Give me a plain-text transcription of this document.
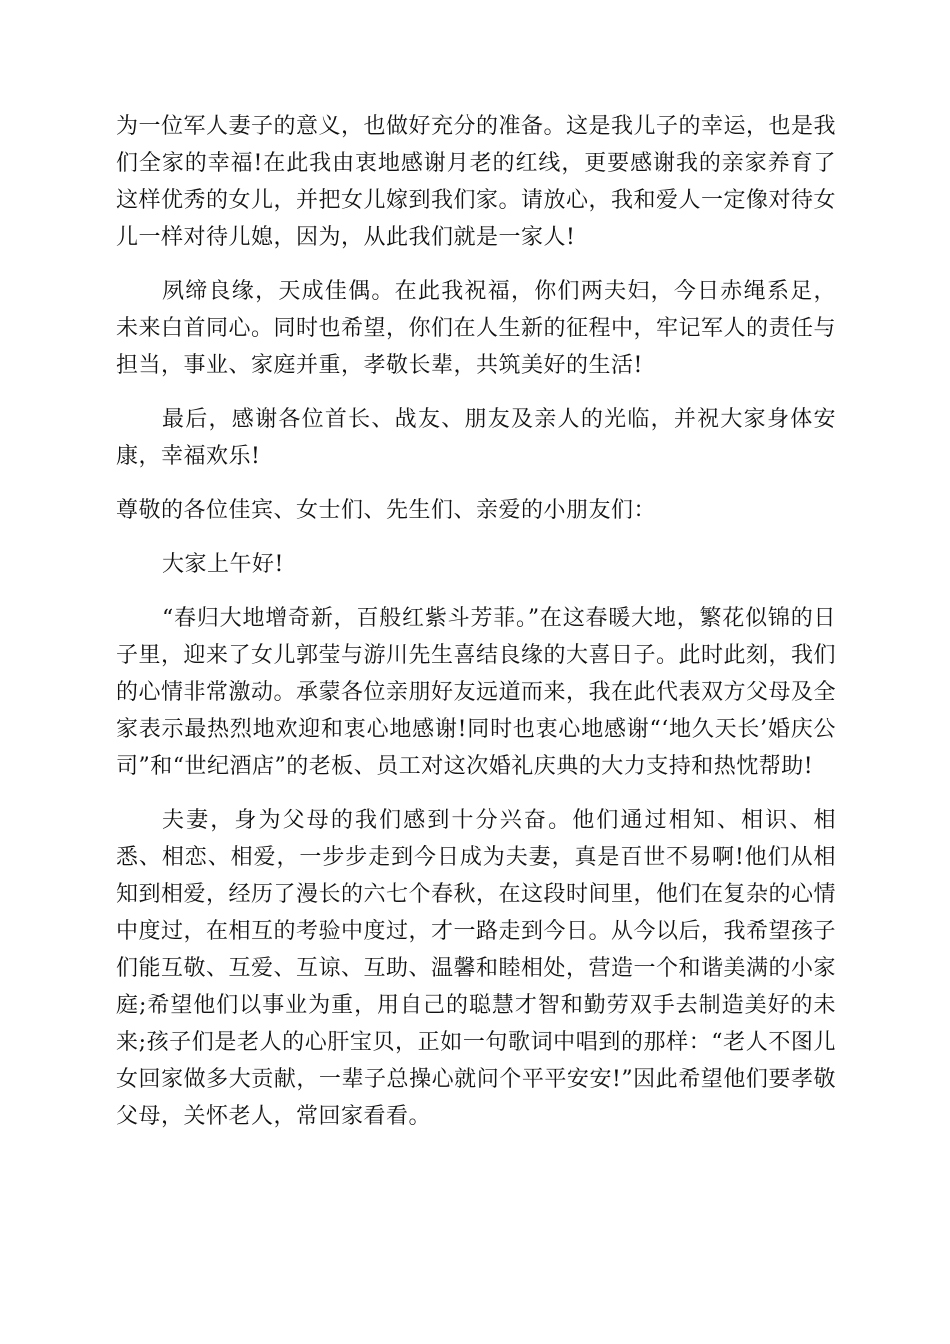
为一位军人妻子的意义，也做好充分的准备。这是我儿子的幸运，也是我们全家的幸福!在此我由衷地感谢月老的红线，更要感谢我的亲家养育了这样优秀的女儿，并把女儿嫁到我们家。请放心，我和爱人一定像对待女儿一样对待儿媳，因为，从此我们就是一家人!

夙缔良缘，天成佳偶。在此我祝福，你们两夫妇，今日赤绳系足，未来白首同心。同时也希望，你们在人生新的征程中，牢记军人的责任与担当，事业、家庭并重，孝敬长辈，共筑美好的生活!

最后，感谢各位首长、战友、朋友及亲人的光临，并祝大家身体安康，幸福欢乐!

尊敬的各位佳宾、女士们、先生们、亲爱的小朋友们：

大家上午好!

“春归大地增奇新，百般红紫斗芳菲。”在这春暖大地，繁花似锦的日子里，迎来了女儿郭莹与游川先生喜结良缘的大喜日子。此时此刻，我们的心情非常激动。承蒙各位亲朋好友远道而来，我在此代表双方父母及全家表示最热烈地欢迎和衷心地感谢!同时也衷心地感谢“‘地久天长’婚庆公司”和“世纪酒店”的老板、员工对这次婚礼庆典的大力支持和热忱帮助!

夫妻，身为父母的我们感到十分兴奋。他们通过相知、相识、相悉、相恋、相爱，一步步走到今日成为夫妻，真是百世不易啊!他们从相知到相爱，经历了漫长的六七个春秋，在这段时间里，他们在复杂的心情中度过，在相互的考验中度过，才一路走到今日。从今以后，我希望孩子们能互敬、互爱、互谅、互助、温馨和睦相处，营造一个和谐美满的小家庭;希望他们以事业为重，用自己的聪慧才智和勤劳双手去制造美好的未来;孩子们是老人的心肝宝贝，正如一句歌词中唱到的那样：“老人不图儿女回家做多大贡献，一辈子总操心就问个平平安安!”因此希望他们要孝敬父母，关怀老人，常回家看看。
